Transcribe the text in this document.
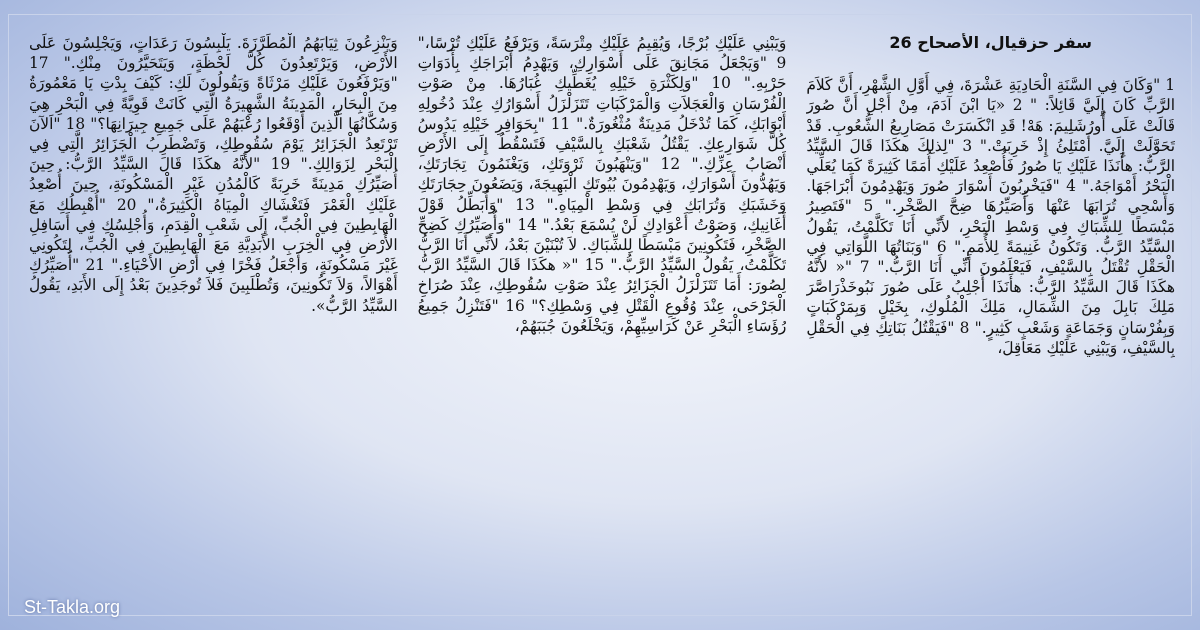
سفر حزقيال، الأصحاح 26

1 "وَكَانَ فِي السَّنَةِ الْحَادِيَةِ عَشْرَةَ، فِي أَوَّلِ الشَّهْرِ، أَنَّ كَلاَمَ الرَّبِّ كَانَ إِلَيَّ قَائِلاً: " 2 «يَا ابْنَ آدَمَ، مِنْ أَجْلِ أَنَّ صُورَ قَالَتْ عَلَى أُورُشَلِيمَ: هَهْ! قَدِ انْكَسَرَتْ مَصَارِيعُ الشُّعُوبِ. قَدْ تَحَوَّلَتْ إِلَيَّ. أَمْتَلِئُ إِذْ خَرِبَتْ." 3 "لِذلِكَ هكَذَا قَالَ السَّيِّدُ الرَّبُّ: هأَنَذَا عَلَيْكِ يَا صُورُ فَأُصْعِدُ عَلَيْكِ أُمَمًا كَثِيرَةً كَمَا يُعَلِّي الْبَحْرُ أَمْوَاجَهُ." 4 "فَيَخْرِبُونَ أَسْوَارَ صُورَ وَيَهْدِمُونَ أَبْرَاجَهَا. وَأَسْحِي تُرَابَهَا عَنْهَا وَأُصَيِّرُهَا ضِحَّ الصَّخْرِ." 5 "فَتَصِيرُ مَبْسَطًا لِلشِّبَاكِ فِي وَسْطِ الْبَحْرِ، لأَنِّي أَنَا تَكَلَّمْتُ، يَقُولُ السَّيِّدُ الرَّبُّ. وَتَكُونُ غَنِيمَةً لِلأُمَمِ." 6 "وَبَنَاتُهَا اللَّوَاتِي فِي الْحَقْلِ تُقْتَلُ بِالسَّيْفِ، فَيَعْلَمُونَ أَنِّي أَنَا الرَّبُّ." 7 "« لأَنَّهُ هكَذَا قَالَ السَّيِّدُ الرَّبُّ: هأَنَذَا أَجْلِبُ عَلَى صُورَ نَبُوخَذْرَاصَّرَ مَلِكَ بَابِلَ مِنَ الشِّمَالِ، مَلِكَ الْمُلُوكِ، بِخَيْلٍ وَبِمَرْكَبَاتٍ وَبِفُرْسَانٍ وَجَمَاعَةٍ وَشَعْبٍ كَثِيرٍ." 8 "فَيَقْتُلُ بَنَاتِكِ فِي الْحَقْلِ بِالسَّيْفِ، وَيَبْنِي عَلَيْكِ مَعَاقِلَ،

وَيَبْنِي عَلَيْكِ بُرْجًا، وَيُقِيمُ عَلَيْكِ مِتْرَسَةً، وَيَرْفَعُ عَلَيْكِ تُرْسًا،" 9 "وَيَجْعَلُ مَجَانِقَ عَلَى أَسْوَارِكِ، وَيَهْدِمُ أَبْرَاجَكِ بِأَدَوَاتِ حَرْبِهِ." 10 "وَلِكَثْرَةِ خَيْلِهِ يُغَطِّيكِ غُبَارُهَا. مِنْ صَوْتِ الْفُرْسَانِ وَالْعَجَلاَتِ وَالْمَرْكَبَاتِ تَتَزَلْزَلُ أَسْوَارُكِ عِنْدَ دُخُولِهِ أَبْوَابَكِ، كَمَا تُدْخَلُ مَدِينَةٌ مُثْغُورَةٌ." 11 "بِحَوَافِرِ خَيْلِهِ يَدُوسُ كُلَّ شَوَارِعِكِ. يَقْتُلُ شَعْبَكِ بِالسَّيْفِ فَتَسْقُطُ إِلَى الأَرْضِ أَنْصَابُ عِزِّكِ." 12 "وَيَنْهَبُونَ ثَرْوَتَكِ، وَيَغْنَمُونَ تِجَارَتَكِ، وَيَهُدُّونَ أَسْوَارَكِ، وَيَهْدِمُونَ بُيُوتَكِ الْبَهِيجَةَ، وَيَضَعُونَ حِجَارَتَكِ وَخَشَبَكِ وَتُرَابَكِ فِي وَسْطِ الْمِيَاهِ." 13 "وَأُبَطِّلُ قَوْلَ أَغَانِيكِ، وَصَوْتُ أَعْوَادِكِ لَنْ يُسْمَعَ بَعْدُ." 14 "وَأُصَيِّرُكِ كَضِحِّ الصَّخْرِ، فَتَكُونِينَ مَبْسَطًا لِلشِّبَاكِ. لاَ تُبْنَيْنَ بَعْدُ، لأَنِّي أَنَا الرَّبُّ تَكَلَّمْتُ، يَقُولُ السَّيِّدُ الرَّبُّ." 15 "« هكَذَا قَالَ السَّيِّدُ الرَّبُّ لِصُورَ: أَمَا تَتَزَلْزَلُ الْجَزَائِرُ عِنْدَ صَوْتِ سُقُوطِكِ، عِنْدَ صُرَاخِ الْجَرْحَى، عِنْدَ وُقُوعِ الْقَتْلِ فِي وَسْطِكِ؟" 16 "فَتَنْزِلُ جَمِيعُ رُؤَسَاءِ الْبَحْرِ عَنْ كَرَاسِيِّهِمْ، وَيَخْلَعُونَ جُبَبَهُمْ،

وَيَنْزِعُونَ ثِيَابَهُمُ الْمُطَرَّزَةَ. يَلْبِسُونَ رَعَدَاتٍ، وَيَجْلِسُونَ عَلَى الأَرْضِ، وَيَرْتَعِدُونَ كُلَّ لَحْظَةٍ، وَيَتَحَيَّرُونَ مِنْكِ." 17 "وَيَرْفَعُونَ عَلَيْكِ مَرْثَاةً وَيَقُولُونَ لَكِ: كَيْفَ بِدْتِ يَا مَعْمُورَةُ مِنَ الْبِحَارِ، الْمَدِينَةُ الشَّهِيرَةُ الَّتِي كَانَتْ قَوِيَّةً فِي الْبَحْرِ هِيَ وَسُكَّانُهَا الَّذِينَ أَوْقَعُوا رُعْبَهُمْ عَلَى جَمِيعِ جِيرَانِهَا؟" 18 "اَلآنَ تَرْتَعِدُ الْجَزَائِرُ يَوْمَ سُقُوطِكِ، وَتَضْطَرِبُ الْجَزَائِرُ الَّتِي فِي الْبَحْرِ لِزَوَالِكِ." 19 "لأَنَّهُ هكَذَا قَالَ السَّيِّدُ الرَّبُّ: حِينَ أُصَيِّرُكِ مَدِينَةً خَرِبَةً كَالْمُدُنِ غَيْرِ الْمَسْكُونَةِ، حِينَ أُصْعِدُ عَلَيْكِ الْغَمْرَ فَتَغْشَاكِ الْمِيَاهُ الْكَثِيرَةُ،" 20 "أُهْبِطُكِ مَعَ الْهَابِطِينَ فِي الْجُبِّ، إِلَى شَعْبِ الْقِدَمِ، وَأُجْلِسُكِ فِي أَسَافِلِ الأَرْضِ فِي الْخِرَبِ الأَبَدِيَّةِ مَعَ الْهَابِطِينَ فِي الْجُبِّ، لِتَكُونِي غَيْرَ مَسْكُونَةٍ، وَأَجْعَلُ فَخْرًا فِي أَرْضِ الأَحْيَاءِ." 21 "أُصَيِّرُكِ أَهْوَالاً، وَلاَ تَكُونِينَ، وَتُطْلَبِينَ فَلاَ تُوجَدِينَ بَعْدُ إِلَى الأَبَدِ، يَقُولُ السَّيِّدُ الرَّبُّ».

St-Takla.org
